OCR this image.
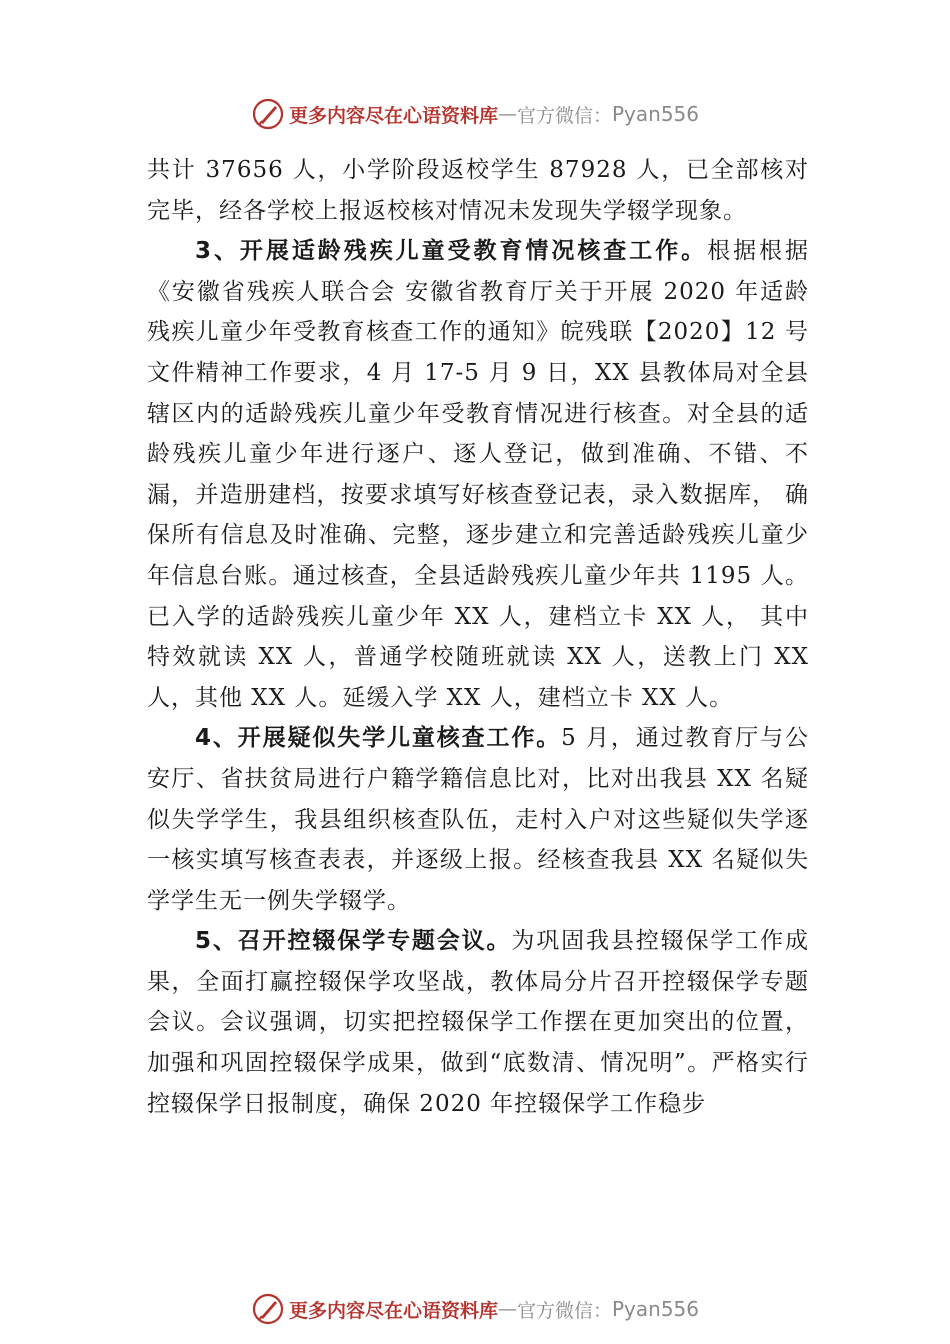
更多内容尽在心语资料库 — 官方微信： Pyan556

共计 37656 人，小学阶段返校学生 87928 人，已全部核对完毕，经各学校上报返校核对情况未发现失学辍学现象。

3、开展适龄残疾儿童受教育情况核查工作。根据根据《安徽省残疾人联合会 安徽省教育厅关于开展 2020 年适龄残疾儿童少年受教育核查工作的通知》皖残联【2020】12 号文件精神工作要求，4 月 17-5 月 9 日，XX 县教体局对全县辖区内的适龄残疾儿童少年受教育情况进行核查。对全县的适龄残疾儿童少年进行逐户、逐人登记，做到准确、不错、不漏，并造册建档，按要求填写好核查登记表，录入数据库， 确保所有信息及时准确、完整，逐步建立和完善适龄残疾儿童少年信息台账。通过核查，全县适龄残疾儿童少年共 1195 人。已入学的适龄残疾儿童少年 XX 人，建档立卡 XX 人， 其中特效就读 XX 人，普通学校随班就读 XX 人，送教上门 XX 人，其他 XX 人。延缓入学 XX 人，建档立卡 XX 人。

4、开展疑似失学儿童核查工作。5 月，通过教育厅与公安厅、省扶贫局进行户籍学籍信息比对，比对出我县 XX 名疑似失学学生，我县组织核查队伍，走村入户对这些疑似失学逐一核实填写核查表表，并逐级上报。经核查我县 XX 名疑似失学学生无一例失学辍学。

5、召开控辍保学专题会议。为巩固我县控辍保学工作成果，全面打赢控辍保学攻坚战，教体局分片召开控辍保学专题会议。会议强调，切实把控辍保学工作摆在更加突出的位置，加强和巩固控辍保学成果，做到“底数清、情况明”。严格实行控辍保学日报制度，确保 2020 年控辍保学工作稳步

更多内容尽在心语资料库 — 官方微信： Pyan556
